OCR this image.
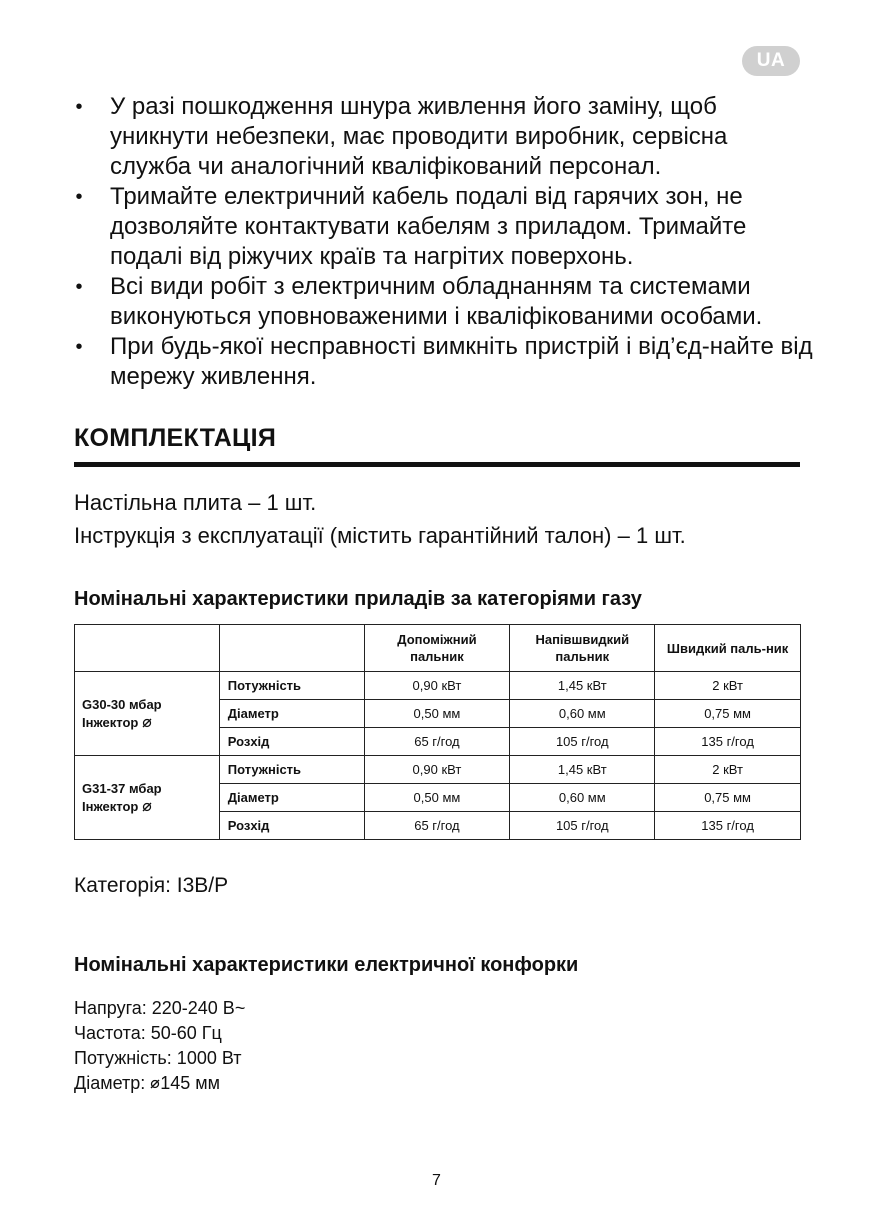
UA
• У разі пошкодження шнура живлення його заміну, щоб уникнути небезпеки, має проводити виробник, сервісна служба чи аналогічний кваліфікований персонал.
• Тримайте електричний кабель подалі від гарячих зон, не дозволяйте контактувати кабелям з приладом. Тримайте подалі від ріжучих країв та нагрітих поверхонь.
• Всі види робіт з електричним обладнанням та системами виконуються уповноваженими і кваліфікованими особами.
• При будь-якої несправності вимкніть пристрій і від’єд-найте від мережу живлення.
КОМПЛЕКТАЦІЯ
Настільна плита – 1 шт.
Інструкція з експлуатації (містить гарантійний талон) – 1 шт.
Номінальні характеристики приладів за категоріями газу
		Допоміжний пальник	Напівшвидкий пальник	Швидкий паль-ник

G30-30 мбар
Інжектор	Потужність	0,90 кВт	1,45 кВт	2 кВт
	Діаметр	0,50 мм	0,60 мм	0,75 мм
	Розхід	65 г/год	105 г/год	135 г/год

G31-37 мбар
Інжектор	Потужність	0,90 кВт	1,45 кВт	2 кВт
	Діаметр	0,50 мм	0,60 мм	0,75 мм
	Розхід	65 г/год	105 г/год	135 г/год
Категорія: I3B/P
Номінальні характеристики електричної конфорки
Напруга: 220-240 В~
Частота: 50-60 Гц
Потужність: 1000 Вт
Діаметр: 145 мм
7
